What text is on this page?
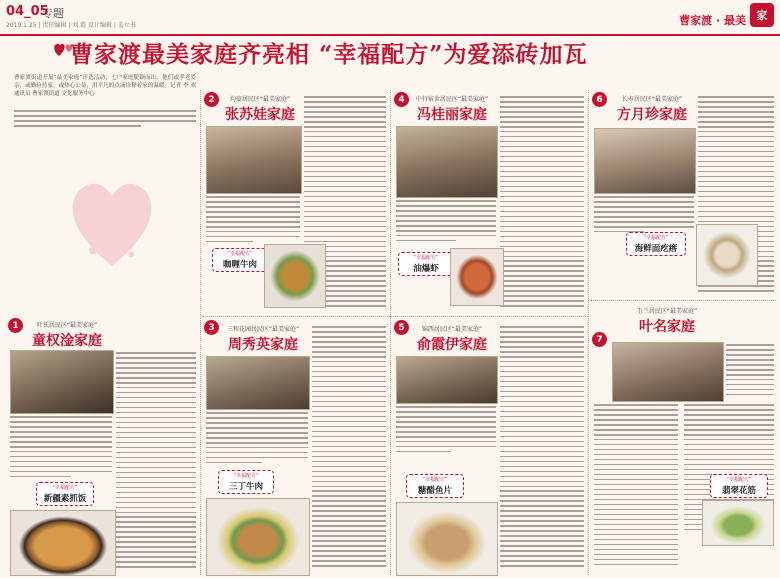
04_05
专题
2019.1.25 | 责任编辑 | 刘 霞 设计编辑 | 姜立书	曹家渡 · 最美 家
曹家渡最美家庭齐亮相 “幸福配方”为爱添砖加瓦
曹家渡街道开展“最美家庭”评选活动，七户家庭脱颖而出。他们或孝老爱亲，或勤俭持家，或热心公益，用平凡的点滴诠释着家的温暖。记者 李 欢 通讯员 曹家渡街道 文化服务中心
1	叶氏居民区“最美家庭”
童权淦家庭
“幸福配方”
新疆素抓饭
2	均豪居民区“最美家庭”
张苏娃家庭
“幸福配方”
咖喱牛肉
3	三和花园居民区“最美家庭”
周秀英家庭
“幸福配方”
三丁牛肉
4	中行宿舍居民区“最美家庭”
冯桂丽家庭
“幸福配方”
油爆虾
5	锦西居民区“最美家庭”
俞霞伊家庭
“幸福配方”
糖醋鱼片
6	长寿居民区“最美家庭”
方月珍家庭
“幸福配方”
海鲜面疙瘩
7
玉兰居民区“最美家庭”
叶名家庭
“幸福配方”
翡翠花筋
